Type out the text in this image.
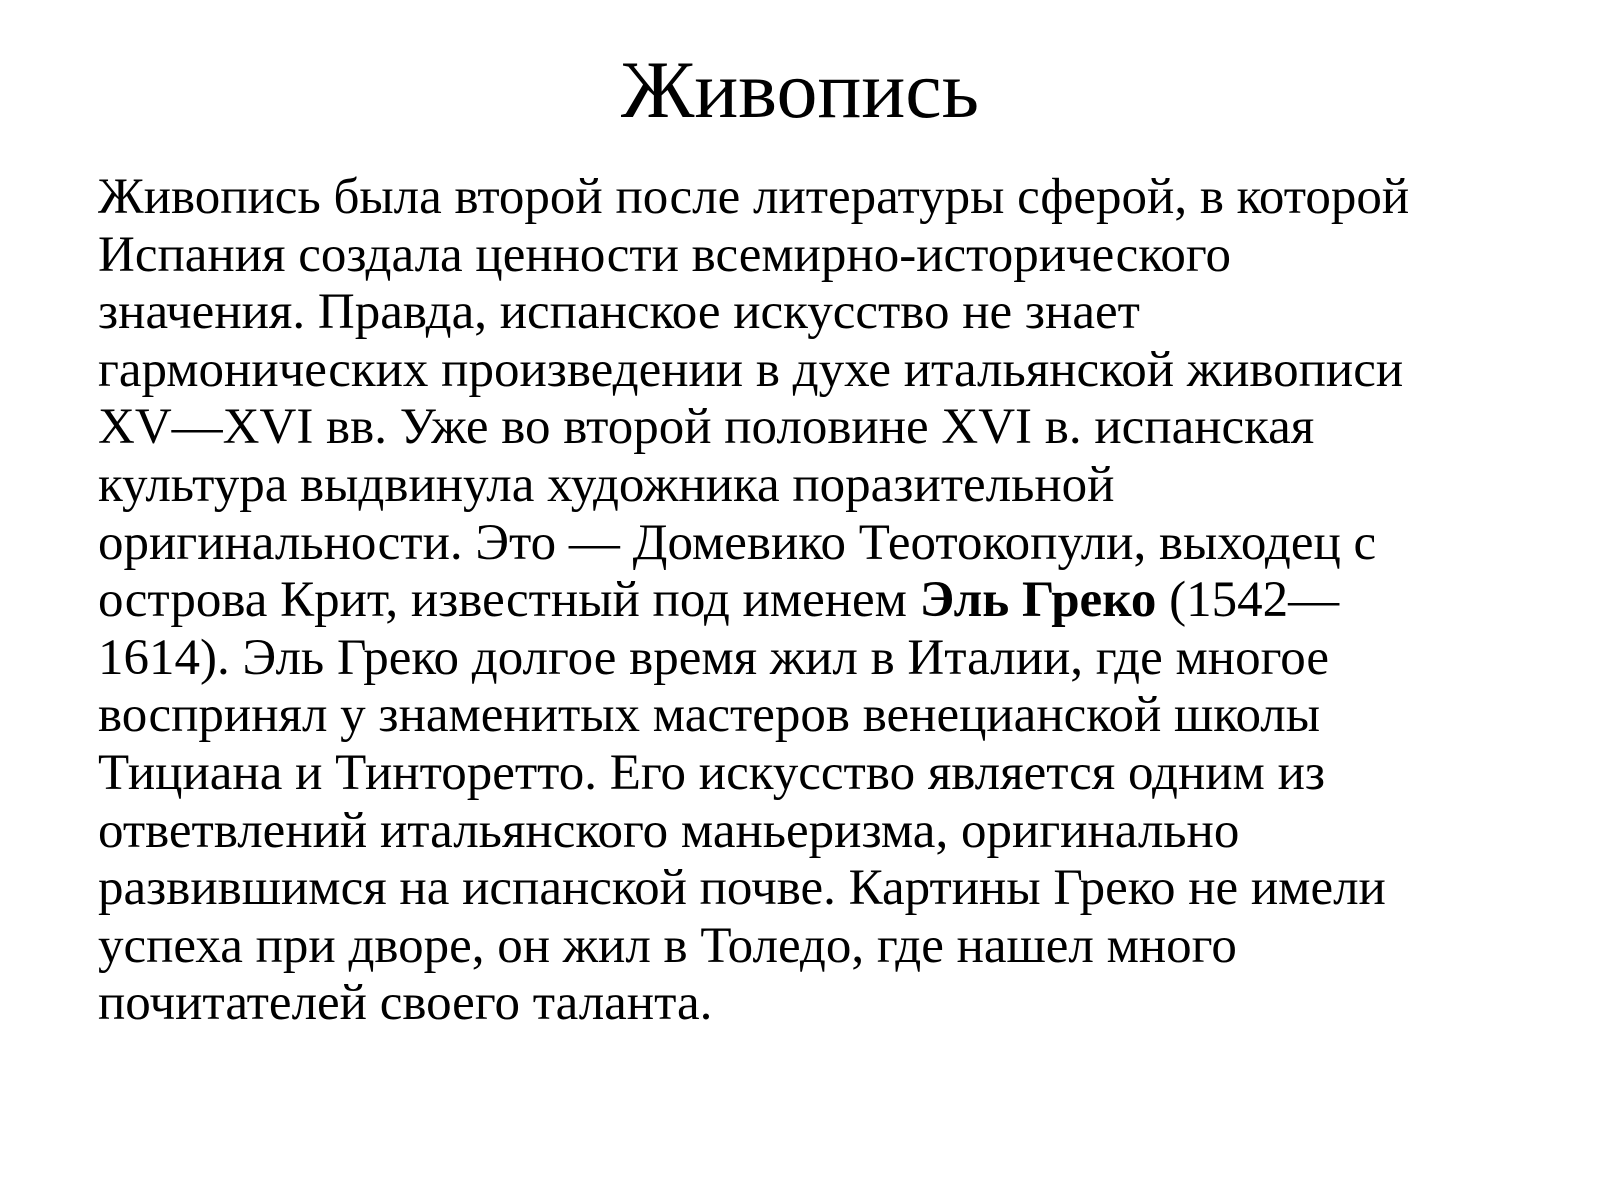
Живопись
Живопись была второй после литературы сферой, в которой
Испания создала ценности всемирно-исторического
значения. Правда, испанское искусство не знает
гармонических произведении в духе итальянской живописи
XV—XVI вв. Уже во второй половине XVI в. испанская
культура выдвинула художника поразительной
оригинальности. Это — Домевико Теотокопули, выходец с
острова Крит, известный под именем Эль Греко (1542—
1614). Эль Греко долгое время жил в Италии, где многое
воспринял у знаменитых мастеров венецианской школы
Тициана и Тинторетто. Его искусство является одним из
ответвлений итальянского маньеризма, оригинально
развившимся на испанской почве. Картины Греко не имели
успеха при дворе, он жил в Толедо, где нашел много
почитателей своего таланта.
